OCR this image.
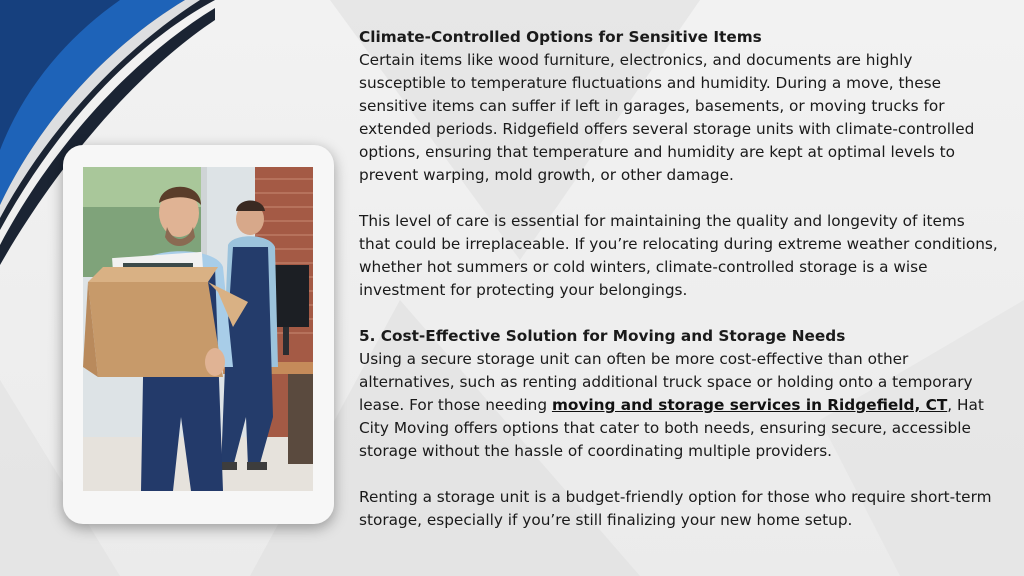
Climate-Controlled Options for Sensitive Items

Certain items like wood furniture, electronics, and documents are highly susceptible to temperature fluctuations and humidity. During a move, these sensitive items can suffer if left in garages, basements, or moving trucks for extended periods. Ridgefield offers several storage units with climate-controlled options, ensuring that temperature and humidity are kept at optimal levels to prevent warping, mold growth, or other damage.

This level of care is essential for maintaining the quality and longevity of items that could be irreplaceable. If you’re relocating during extreme weather conditions, whether hot summers or cold winters, climate-controlled storage is a wise investment for protecting your belongings.

5. Cost-Effective Solution for Moving and Storage Needs

Using a secure storage unit can often be more cost-effective than other alternatives, such as renting additional truck space or holding onto a temporary lease. For those needing moving and storage services in Ridgefield, CT, Hat City Moving offers options that cater to both needs, ensuring secure, accessible storage without the hassle of coordinating multiple providers.

Renting a storage unit is a budget-friendly option for those who require short-term storage, especially if you’re still finalizing your new home setup.
